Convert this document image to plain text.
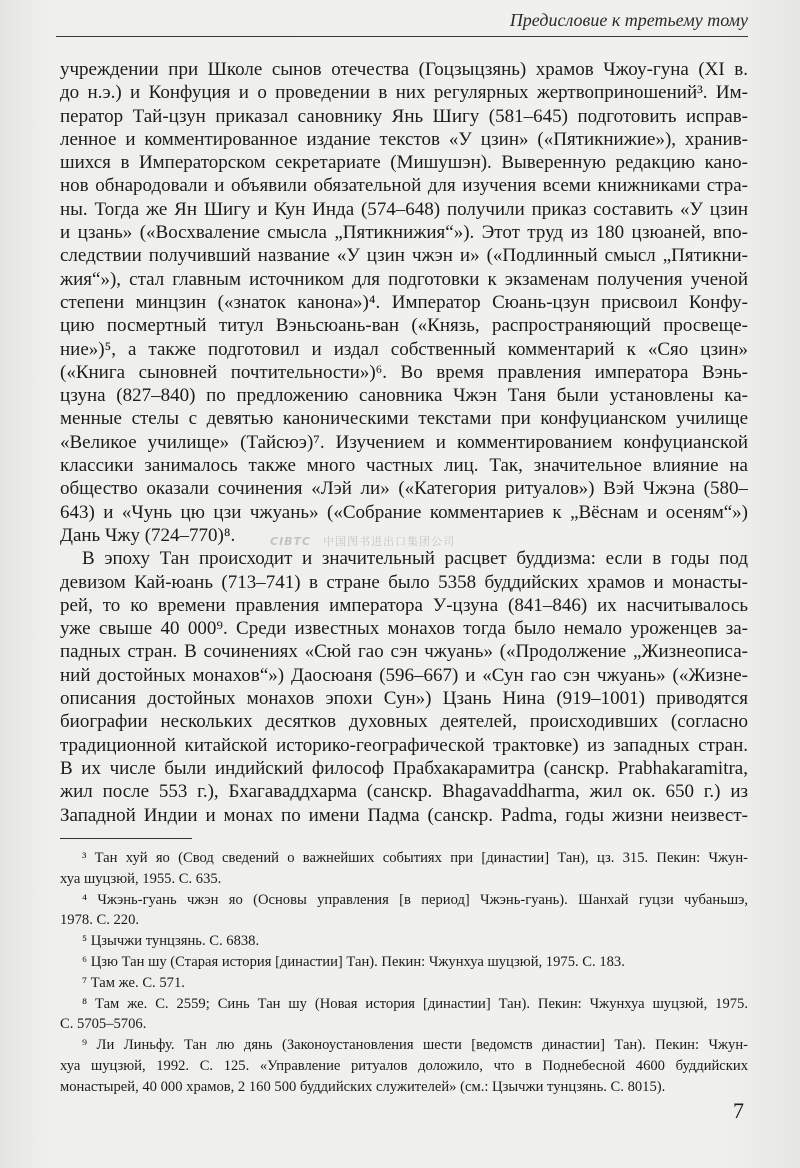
Предисловие к третьему тому
учреждении при Школе сынов отечества (Гоцзыцзянь) храмов Чжоу-гуна (XI в.
до н.э.) и Конфуция и о проведении в них регулярных жертвоприношений³. Им-
ператор Тай-цзун приказал сановнику Янь Шигу (581–645) подготовить исправ-
ленное и комментированное издание текстов «У цзин» («Пятикнижие»), хранив-
шихся в Императорском секретариате (Мишушэн). Выверенную редакцию кано-
нов обнародовали и объявили обязательной для изучения всеми книжниками стра-
ны. Тогда же Ян Шигу и Кун Инда (574–648) получили приказ составить «У цзин
и цзань» («Восхваление смысла „Пятикнижия“»). Этот труд из 180 цзюаней, впо-
следствии получивший название «У цзин чжэн и» («Подлинный смысл „Пятикни-
жия“»), стал главным источником для подготовки к экзаменам получения ученой
степени минцзин («знаток канона»)⁴. Император Сюань-цзун присвоил Конфу-
цию посмертный титул Вэньсюань-ван («Князь, распространяющий просвеще-
ние»)⁵, а также подготовил и издал собственный комментарий к «Сяо цзин»
(«Книга сыновней почтительности»)⁶. Во время правления императора Вэнь-
цзуна (827–840) по предложению сановника Чжэн Таня были установлены ка-
менные стелы с девятью каноническими текстами при конфуцианском училище
«Великое училище» (Тайсюэ)⁷. Изучением и комментированием конфуцианской
классики занималось также много частных лиц. Так, значительное влияние на
общество оказали сочинения «Лэй ли» («Категория ритуалов») Вэй Чжэна (580–
643) и «Чунь цю цзи чжуань» («Собрание комментариев к „Вёснам и осеням“»)
Дань Чжу (724–770)⁸.
В эпоху Тан происходит и значительный расцвет буддизма: если в годы под
девизом Кай-юань (713–741) в стране было 5358 буддийских храмов и монасты-
рей, то ко времени правления императора У-цзуна (841–846) их насчитывалось
уже свыше 40 000⁹. Среди известных монахов тогда было немало уроженцев за-
падных стран. В сочинениях «Сюй гао сэн чжуань» («Продолжение „Жизнеописа-
ний достойных монахов“») Даосюаня (596–667) и «Сун гао сэн чжуань» («Жизне-
описания достойных монахов эпохи Сун») Цзань Нина (919–1001) приводятся
биографии нескольких десятков духовных деятелей, происходивших (согласно
традиционной китайской историко-географической трактовке) из западных стран.
В их числе были индийский философ Прабхакарамитра (санскр. Prabhakaramitra,
жил после 553 г.), Бхагаваддхарма (санскр. Bhagavaddharma, жил ок. 650 г.) из
Западной Индии и монах по имени Падма (санскр. Padma, годы жизни неизвест-
CIBTC 中国图书进出口集团公司
³ Тан хуй яо (Свод сведений о важнейших событиях при [династии] Тан), цз. 315. Пекин: Чжун-
хуа шуцзюй, 1955. С. 635.
⁴ Чжэнь-гуань чжэн яо (Основы управления [в период] Чжэнь-гуань). Шанхай гуцзи чубаньшэ,
1978. С. 220.
⁵ Цзычжи тунцзянь. С. 6838.
⁶ Цзю Тан шу (Старая история [династии] Тан). Пекин: Чжунхуа шуцзюй, 1975. С. 183.
⁷ Там же. С. 571.
⁸ Там же. С. 2559; Синь Тан шу (Новая история [династии] Тан). Пекин: Чжунхуа шуцзюй, 1975.
С. 5705–5706.
⁹ Ли Линьфу. Тан лю дянь (Законоустановления шести [ведомств династии] Тан). Пекин: Чжун-
хуа шуцзюй, 1992. С. 125. «Управление ритуалов доложило, что в Поднебесной 4600 буддийских
монастырей, 40 000 храмов, 2 160 500 буддийских служителей» (см.: Цзычжи тунцзянь. С. 8015).
7
